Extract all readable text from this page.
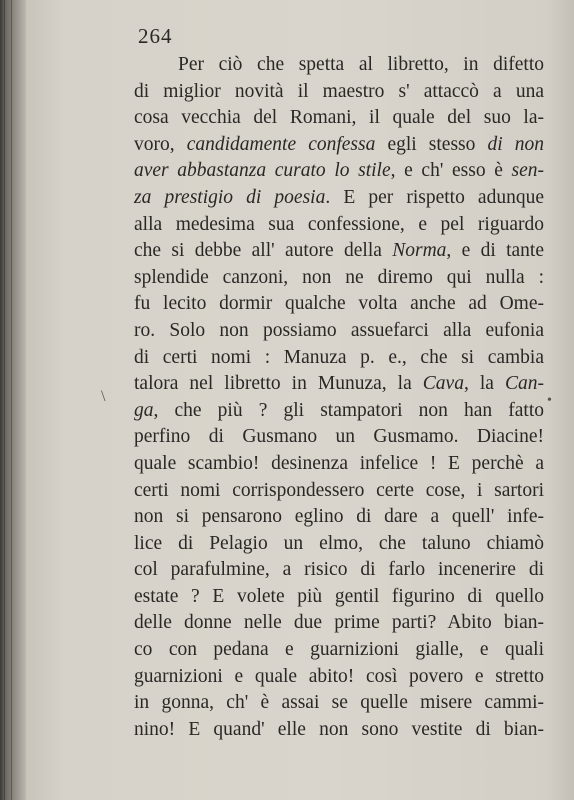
264
Per ciò che spetta al libretto, in difetto
di miglior novità il maestro s' attaccò a una
cosa vecchia del Romani, il quale del suo la-
voro, candidamente confessa egli stesso di non
aver abbastanza curato lo stile, e ch' esso è sen-
za prestigio di poesia. E per rispetto adunque
alla medesima sua confessione, e pel riguardo
che si debbe all' autore della Norma, e di tante
splendide canzoni, non ne diremo qui nulla :
fu lecito dormir qualche volta anche ad Ome-
ro. Solo non possiamo assuefarci alla eufonia
di certi nomi : Manuza p. e., che si cambia
talora nel libretto in Munuza, la Cava, la Can-
ga, che più ? gli stampatori non han fatto
perfino di Gusmano un Gusmamo. Diacine!
quale scambio! desinenza infelice ! E perchè a
certi nomi corrispondessero certe cose, i sartori
non si pensarono eglino di dare a quell' infe-
lice di Pelagio un elmo, che taluno chiamò
col parafulmine, a risico di farlo incenerire di
estate ? E volete più gentil figurino di quello
delle donne nelle due prime parti? Abito bian-
co con pedana e guarnizioni gialle, e quali
guarnizioni e quale abito! così povero e stretto
in gonna, ch' è assai se quelle misere cammi-
nino! E quand' elle non sono vestite di bian-
\	•
